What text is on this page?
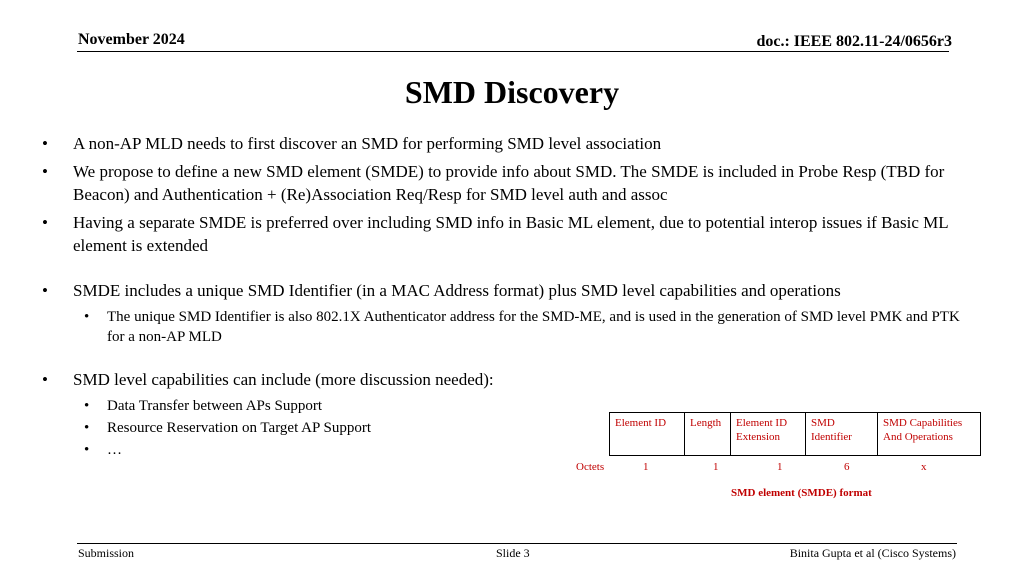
November 2024	doc.: IEEE 802.11-24/0656r3
SMD Discovery
• A non-AP MLD needs to first discover an SMD for performing SMD level association
• We propose to define a new SMD element (SMDE) to provide info about SMD. The SMDE is included in Probe Resp (TBD for Beacon) and Authentication + (Re)Association Req/Resp for SMD level auth and assoc
• Having a separate SMDE is preferred over including SMD info in Basic ML element, due to potential interop issues if Basic ML element is extended
• SMDE includes a unique SMD Identifier (in a MAC Address format) plus SMD level capabilities and operations
• The unique SMD Identifier is also 802.1X Authenticator address for the SMD-ME, and is used in the generation of SMD level PMK and PTK for a non-AP MLD
• SMD level capabilities can include (more discussion needed):
• Data Transfer between APs Support
• Resource Reservation on Target AP Support
• …
Element ID	Length	Element ID Extension	SMD Identifier	SMD Capabilities And Operations
Octets	1	1	1	6	x
SMD element (SMDE) format
Submission	Slide 3	Binita Gupta et al (Cisco Systems)
